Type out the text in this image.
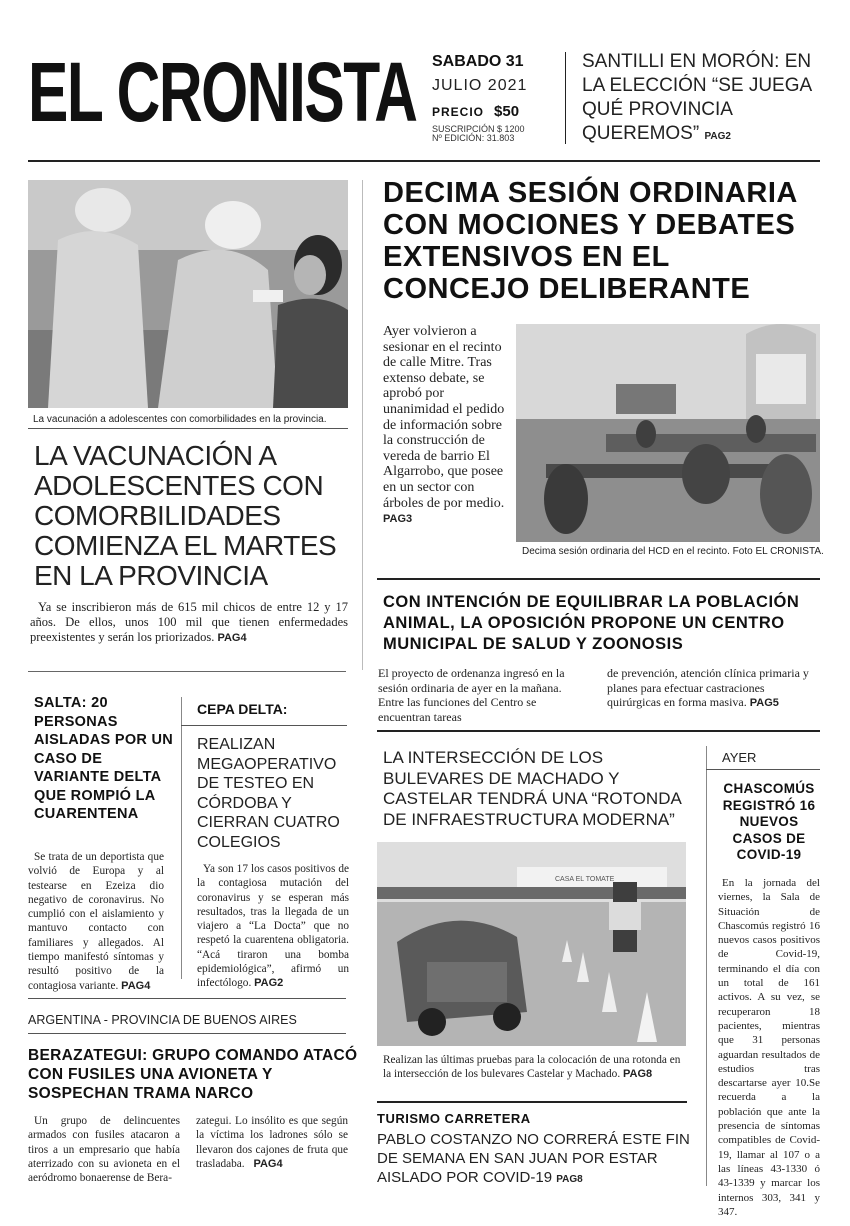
EL CRONISTA SABADO 31
JULIO 2021
PRECIO $50
SUSCRIPCIÓN $ 1200
Nº EDICIÓN: 31.803
SANTILLI EN MORÓN: EN LA ELECCIÓN “SE JUEGA QUÉ PROVINCIA QUEREMOS” PAG2
La vacunación a adolescentes con comorbilidades en la provincia.
LA VACUNACIÓN A ADOLESCENTES CON COMORBILIDADES COMIENZA EL MARTES EN LA PROVINCIA
Ya se inscribieron más de 615 mil chicos de entre 12 y 17 años. De ellos, unos 100 mil que tienen enfermedades preexistentes y serán los priorizados. PAG4
DECIMA SESIÓN ORDINARIA CON MOCIONES Y DEBATES EXTENSIVOS EN EL CONCEJO DELIBERANTE
Ayer volvieron a sesionar en el recinto de calle Mitre. Tras extenso debate, se aprobó por unanimidad el pedido de información sobre la construcción de vereda de barrio El Algarrobo, que posee en un sector con árboles de por medio. PAG3
Decima sesión ordinaria del HCD en el recinto. Foto EL CRONISTA.
CON INTENCIÓN DE EQUILIBRAR LA POBLACIÓN ANIMAL, LA OPOSICIÓN PROPONE UN CENTRO MUNICIPAL DE SALUD Y ZOONOSIS
El proyecto de ordenanza ingresó en la sesión ordinaria de ayer en la mañana. Entre las funciones del Centro se encuentran tareas
de prevención, atención clínica primaria y planes para efectuar castraciones quirúrgicas en forma masiva. PAG5
SALTA: 20 PERSONAS AISLADAS POR UN CASO DE VARIANTE DELTA QUE ROMPIÓ LA CUARENTENA
Se trata de un deportista que volvió de Europa y al testearse en Ezeiza dio negativo de coronavirus. No cumplió con el aislamiento y mantuvo contacto con familiares y allegados. Al tiempo manifestó síntomas y resultó positivo de la contagiosa variante. PAG4
CEPA DELTA:
REALIZAN MEGAOPERATIVO DE TESTEO EN CÓRDOBA Y CIERRAN CUATRO COLEGIOS
Ya son 17 los casos positivos de la contagiosa mutación del coronavirus y se esperan más resultados, tras la llegada de un viajero a “La Docta” que no respetó la cuarentena obligatoria. “Acá tiraron una bomba epidemiológica”, afirmó un infectólogo. PAG2
LA INTERSECCIÓN DE LOS BULEVARES DE MACHADO Y CASTELAR TENDRÁ UNA “ROTONDA DE INFRAESTRUCTURA MODERNA”
CASA EL TOMATE
Realizan las últimas pruebas para la colocación de una rotonda en la intersección de los bulevares Castelar y Machado. PAG8
TURISMO CARRETERA
PABLO COSTANZO NO CORRERÁ ESTE FIN DE SEMANA EN SAN JUAN POR ESTAR AISLADO POR COVID-19 PAG8
AYER
CHASCOMÚS REGISTRÓ 16 NUEVOS CASOS DE COVID-19
En la jornada del viernes, la Sala de Situación de Chascomús registró 16 nuevos casos positivos de Covid-19, terminando el día con un total de 161 activos. A su vez, se recuperaron 18 pacientes, mientras que 31 personas aguardan resultados de estudios tras descartarse ayer 10.Se recuerda a la población que ante la presencia de síntomas compatibles de Covid-19, llamar al 107 o a las líneas 43-1330 ó 43-1339 y marcar los internos 303, 341 y 347.
ARGENTINA - PROVINCIA DE BUENOS AIRES
BERAZATEGUI: GRUPO COMANDO ATACÓ CON FUSILES UNA AVIONETA Y SOSPECHAN TRAMA NARCO
Un grupo de delincuentes armados con fusiles atacaron a tiros a un empresario que había aterrizado con su avioneta en el aeródromo bonaerense de Bera-
zategui. Lo insólito es que según la víctima los ladrones sólo se llevaron dos cajones de fruta que trasladaba. PAG4
